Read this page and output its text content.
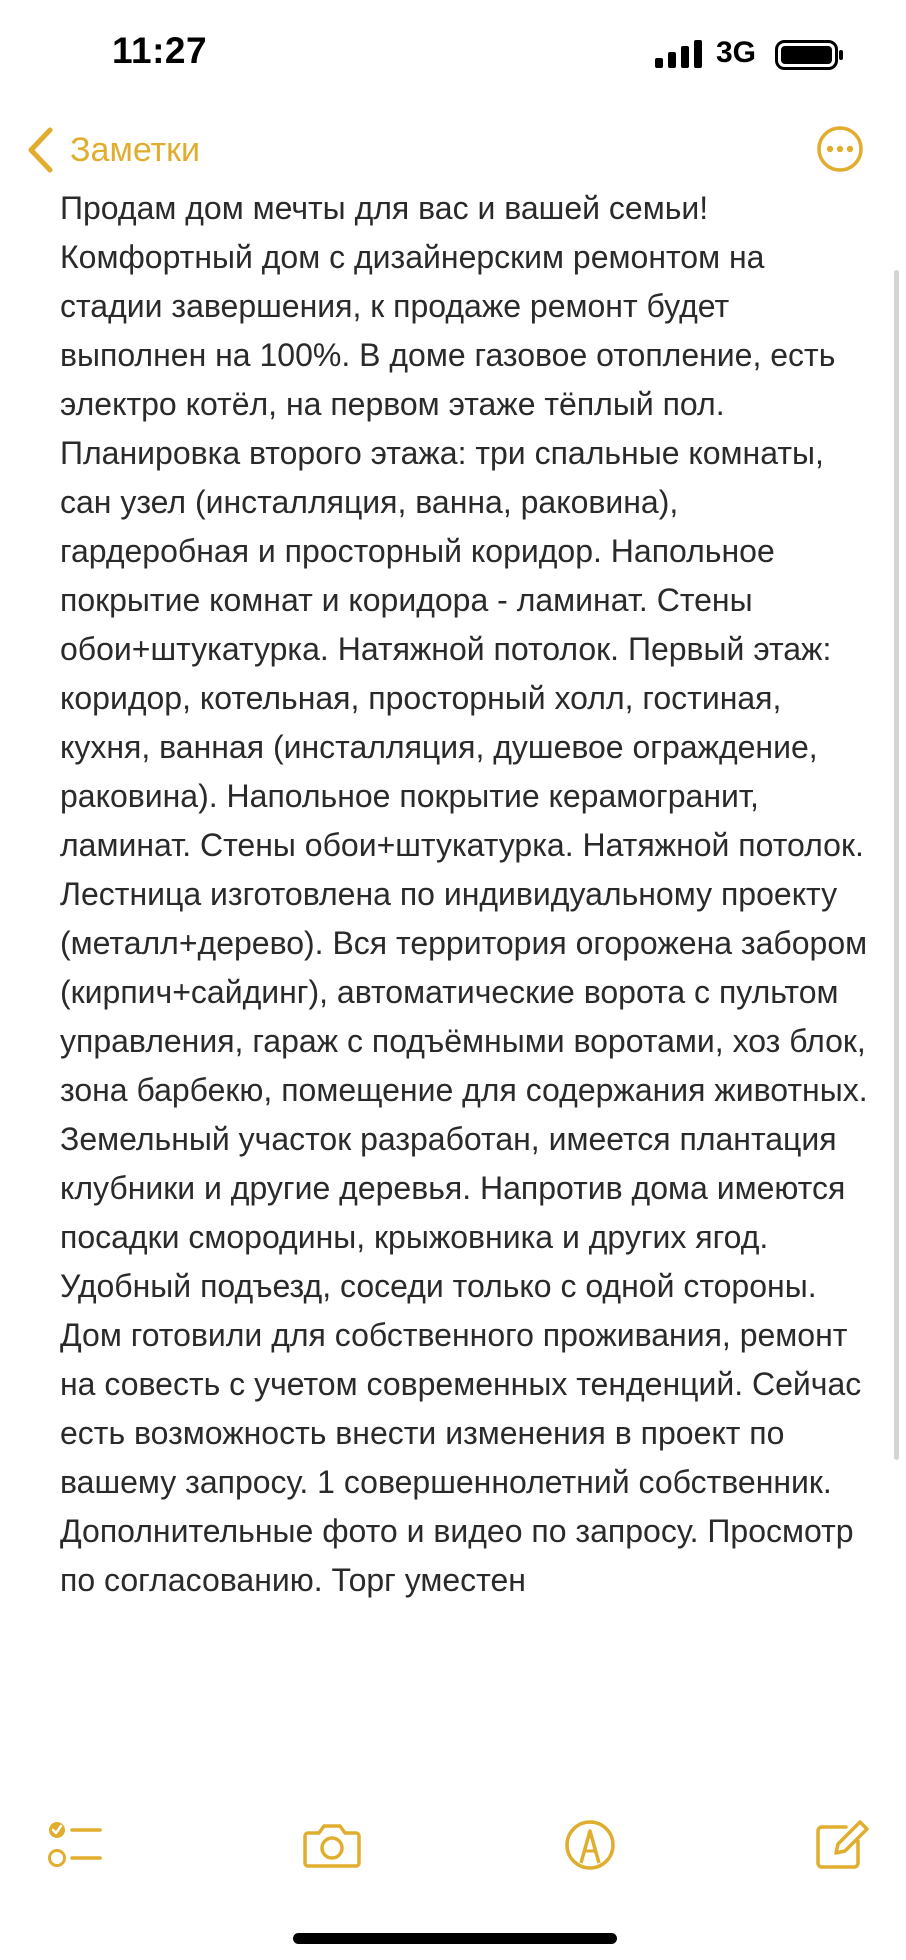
11:27	3G
Заметки

Продам дом мечты для вас и вашей семьи! Комфортный дом с дизайнерским ремонтом на стадии завершения, к продаже ремонт будет выполнен на 100%. В доме газовое отопление, есть электро котёл, на первом этаже тёплый пол. Планировка второго этажа: три спальные комнаты, сан узел (инсталляция, ванна, раковина), гардеробная и просторный коридор. Напольное покрытие комнат и коридора - ламинат. Стены обои+штукатурка. Натяжной потолок. Первый этаж: коридор, котельная, просторный холл, гостиная, кухня, ванная (инсталляция, душевое ограждение, раковина). Напольное покрытие керамогранит, ламинат. Стены обои+штукатурка. Натяжной потолок. Лестница изготовлена по индивидуальному проекту (металл+дерево). Вся территория огорожена забором (кирпич+сайдинг), автоматические ворота с пультом управления, гараж с подъёмными воротами, хоз блок, зона барбекю, помещение для содержания животных. Земельный участок разработан, имеется плантация клубники и другие деревья. Напротив дома имеются посадки смородины, крыжовника и других ягод. Удобный подъезд, соседи только с одной стороны. Дом готовили для собственного проживания, ремонт на совесть с учетом современных тенденций. Сейчас есть возможность внести изменения в проект по вашему запросу. 1 совершеннолетний собственник. Дополнительные фото и видео по запросу. Просмотр по согласованию. Торг уместен
